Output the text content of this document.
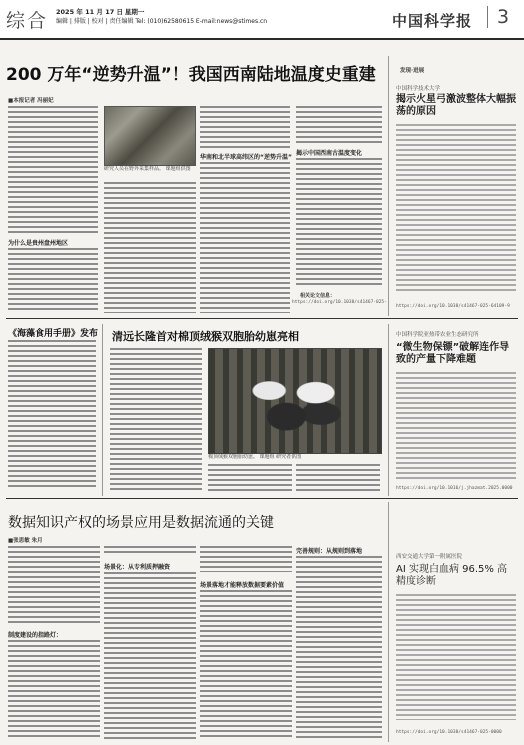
综合 2025 年 11 月 17 日 星期一
编辑 | 排版 | 校对 | 责任编辑 Tel: (010)62580615 E-mail:news@stimes.cn	中国科学报	3
200 万年“逆势升温”！我国西南陆地温度史重建
■本报记者 冯丽妃
为什么是贵州盘州地区
研究人员在野外采集样品。 课题组供图
华南和北半球高纬区的“逆势升温”
揭示中国西南古温度变化
相关论文信息：
https://doi.org/10.1038/s41467-025-
发现·进展
中国科学技术大学
揭示火星弓激波整体大幅振荡的原因
https://doi.org/10.1038/s41467-025-64109-9
《海藻食用手册》发布 清远长隆首对棉顶绒猴双胞胎幼崽亮相
棉顶绒猴双胞胎幼崽。 课题组 研究者供图
中国科学院亚热带农业生态研究所
“微生物保镖”破解连作导致的产量下降难题
https://doi.org/10.1016/j.jhazmat.2025.0000
数据知识产权的场景应用是数据流通的关键
■张思敏 朱月
制度建设的指路灯：
场景化：从专利质押融资
场景落地才能释放数据要素价值
完善规则：从规则到落地
西安交通大学第一附属医院
AI 实现白血病 96.5% 高精度诊断
https://doi.org/10.1038/s41467-025-0000
